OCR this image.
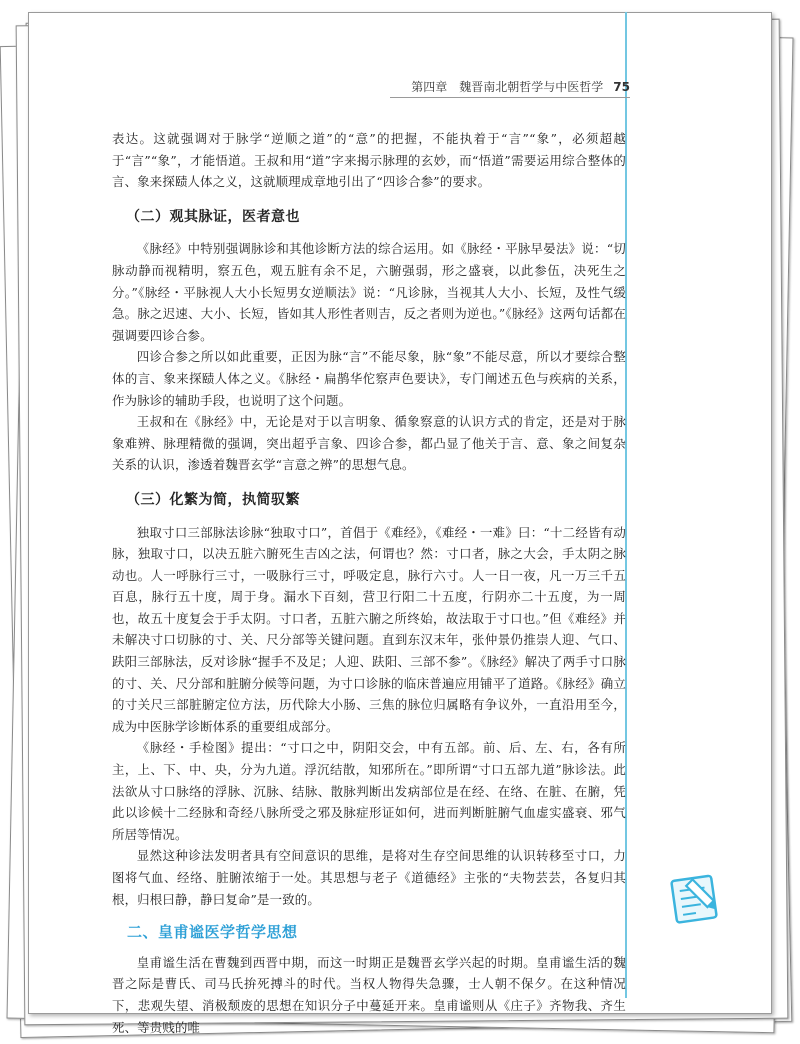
第四章　魏晋南北朝哲学与中医哲学 75

表达。这就强调对于脉学“逆顺之道”的“意”的把握，不能执着于“言”“象”，必须超越于“言”“象”，才能悟道。王叔和用“道”字来揭示脉理的玄妙，而“悟道”需要运用综合整体的言、象来探赜人体之义，这就顺理成章地引出了“四诊合参”的要求。

（二）观其脉证，医者意也

《脉经》中特别强调脉诊和其他诊断方法的综合运用。如《脉经・平脉早晏法》说：“切脉动静而视精明，察五色，观五脏有余不足，六腑强弱，形之盛衰，以此参伍，决死生之分。”《脉经・平脉视人大小长短男女逆顺法》说：“凡诊脉，当视其人大小、长短，及性气缓急。脉之迟速、大小、长短，皆如其人形性者则吉，反之者则为逆也。”《脉经》这两句话都在强调要四诊合参。

四诊合参之所以如此重要，正因为脉“言”不能尽象，脉“象”不能尽意，所以才要综合整体的言、象来探赜人体之义。《脉经・扁鹊华佗察声色要诀》，专门阐述五色与疾病的关系，作为脉诊的辅助手段，也说明了这个问题。

王叔和在《脉经》中，无论是对于以言明象、循象察意的认识方式的肯定，还是对于脉象难辨、脉理精微的强调，突出超乎言象、四诊合参，都凸显了他关于言、意、象之间复杂关系的认识，渗透着魏晋玄学“言意之辨”的思想气息。

（三）化繁为简，执简驭繁

独取寸口三部脉法诊脉“独取寸口”，首倡于《难经》，《难经・一难》曰：“十二经皆有动脉，独取寸口，以决五脏六腑死生吉凶之法，何谓也？然：寸口者，脉之大会，手太阴之脉动也。人一呼脉行三寸，一吸脉行三寸，呼吸定息，脉行六寸。人一日一夜，凡一万三千五百息，脉行五十度，周于身。漏水下百刻，营卫行阳二十五度，行阴亦二十五度，为一周也，故五十度复会于手太阴。寸口者，五脏六腑之所终始，故法取于寸口也。”但《难经》并未解决寸口切脉的寸、关、尺分部等关键问题。直到东汉末年，张仲景仍推崇人迎、气口、趺阳三部脉法，反对诊脉“握手不及足；人迎、趺阳、三部不参”。《脉经》解决了两手寸口脉的寸、关、尺分部和脏腑分候等问题，为寸口诊脉的临床普遍应用铺平了道路。《脉经》确立的寸关尺三部脏腑定位方法，历代除大小肠、三焦的脉位归属略有争议外，一直沿用至今，成为中医脉学诊断体系的重要组成部分。

《脉经・手检图》提出：“寸口之中，阴阳交会，中有五部。前、后、左、右，各有所主，上、下、中、央，分为九道。浮沉结散，知邪所在。”即所谓“寸口五部九道”脉诊法。此法欲从寸口脉络的浮脉、沉脉、结脉、散脉判断出发病部位是在经、在络、在脏、在腑，凭此以诊候十二经脉和奇经八脉所受之邪及脉症形证如何，进而判断脏腑气血虚实盛衰、邪气所居等情况。

显然这种诊法发明者具有空间意识的思维，是将对生存空间思维的认识转移至寸口，力图将气血、经络、脏腑浓缩于一处。其思想与老子《道德经》主张的“夫物芸芸，各复归其根，归根曰静，静曰复命”是一致的。

二、皇甫谧医学哲学思想

皇甫谧生活在曹魏到西晋中期，而这一时期正是魏晋玄学兴起的时期。皇甫谧生活的魏晋之际是曹氏、司马氏拚死搏斗的时代。当权人物得失急骤，士人朝不保夕。在这种情况下，悲观失望、消极颓废的思想在知识分子中蔓延开来。皇甫谧则从《庄子》齐物我、齐生死、等贵贱的唯
